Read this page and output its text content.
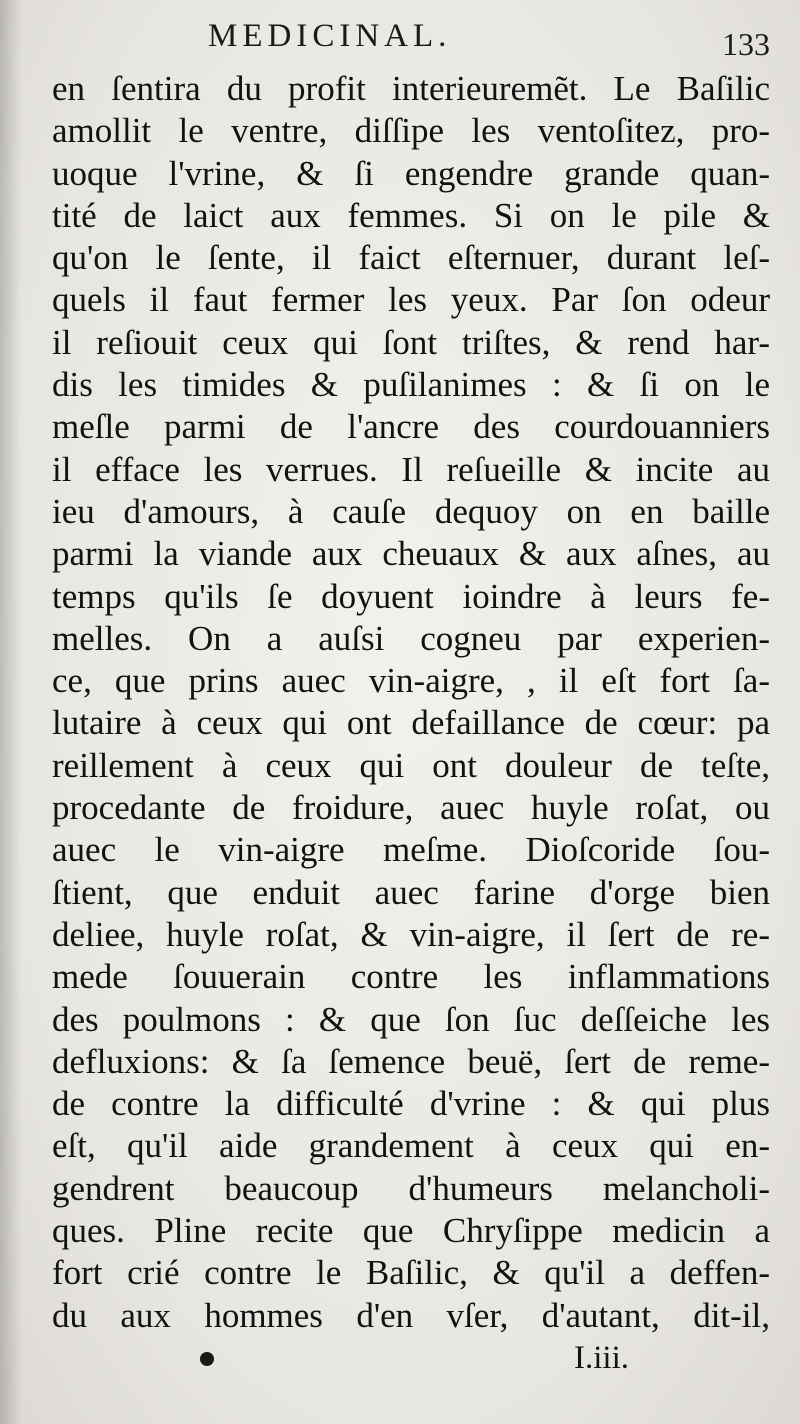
MEDICINAL.	133
en ſentira du profit interieuremẽt. Le Baſilic
amollit le ventre, diſſipe les ventoſitez, pro-
uoque l'vrine, & ſi engendre grande quan-
tité de laict aux femmes. Si on le pile &
qu'on le ſente, il faict eſternuer, durant leſ-
quels il faut fermer les yeux. Par ſon odeur
il reſiouit ceux qui ſont triſtes, & rend har-
dis les timides & puſilanimes : & ſi on le
meſle parmi de l'ancre des courdouanniers
il efface les verrues. Il reſueille & incite au
ieu d'amours, à cauſe dequoy on en baille
parmi la viande aux cheuaux & aux aſnes, au
temps qu'ils ſe doyuent ioindre à leurs fe-
melles. On a auſsi cogneu par experien-
ce, que prins auec vin-aigre, , il eſt fort ſa-
lutaire à ceux qui ont defaillance de cœur: pa
reillement à ceux qui ont douleur de teſte,
procedante de froidure, auec huyle roſat, ou
auec le vin-aigre meſme. Dioſcoride ſou-
ſtient, que enduit auec farine d'orge bien
deliee, huyle roſat, & vin-aigre, il ſert de re-
mede ſouuerain contre les inflammations
des poulmons : & que ſon ſuc deſſeiche les
defluxions: & ſa ſemence beuë, ſert de reme-
de contre la difficulté d'vrine : & qui plus
eſt, qu'il aide grandement à ceux qui en-
gendrent beaucoup d'humeurs melancholi-
ques. Pline recite que Chryſippe medicin a
fort crié contre le Baſilic, & qu'il a deffen-
du aux hommes d'en vſer, d'autant, dit-il,
I.iii.
